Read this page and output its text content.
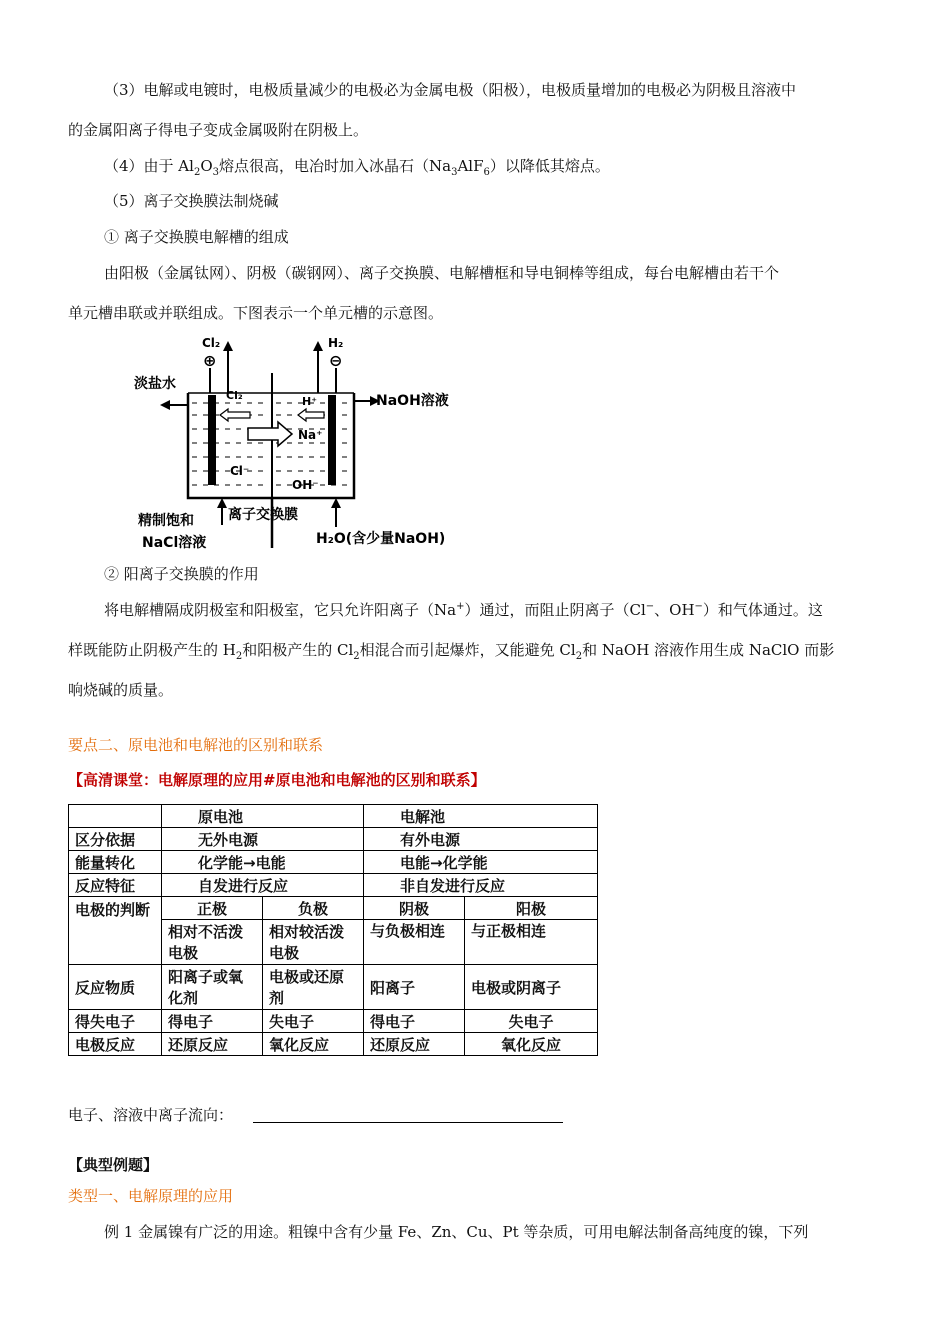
（3）电解或电镀时，电极质量减少的电极必为金属电极（阳极），电极质量增加的电极必为阴极且溶液中
的金属阳离子得电子变成金属吸附在阴极上。
（4）由于 $Al_2O_3$熔点很高，电冶时加入冰晶石$(Na_3AlF_6)$以降低其熔点。
（5）离子交换膜法制烧碱
① 离子交换膜电解槽的组成
由阳极（金属钛网）、阴极（碳钢网）、离子交换膜、电解槽框和导电铜棒等组成，每台电解槽由若干个
单元槽串联或并联组成。下图表示一个单元槽的示意图。
Cl₂	H₂
⊕	⊖
淡盐水
NaOH溶液
Cl₂	H⁺
Na⁺
Cl⁻
OH⁻
离子交换膜
精制饱和
NaCl溶液	H₂O(含少量NaOH)
② 阳离子交换膜的作用
将电解槽隔成阴极室和阳极室，它只允许阳离子（Na+）通过，而阻止阴离子（Cl−、OH−）和气体通过。这
样既能防止阴极产生的 $H_2$和阳极产生的 $Cl_2$相混合而引起爆炸，又能避免 $Cl_2$和 NaOH 溶液作用生成 NaClO 而影
响烧碱的质量。
要点二、原电池和电解池的区别和联系
【高清课堂：电解原理的应用#原电池和电解池的区别和联系】
	原电池		电解池	
区分依据	无外电源		有外电源	
能量转化	化学能→电能		电能→化学能	
反应特征	自发进行反应		非自发进行反应	
电极的判断	正极	负极	阴极	阳极
	相对不活泼电极	相对较活泼电极	与负极相连	与正极相连
反应物质	阳离子或氧化剂	电极或还原剂	阳离子	电极或阴离子
得失电子	得电子	失电子	得电子	失电子
电极反应	还原反应	氧化反应	还原反应	氧化反应
电子、溶液中离子流向：
【典型例题】
类型一、电解原理的应用
例 1 金属镍有广泛的用途。粗镍中含有少量 Fe、Zn、Cu、Pt 等杂质，可用电解法制备高纯度的镍，下列
